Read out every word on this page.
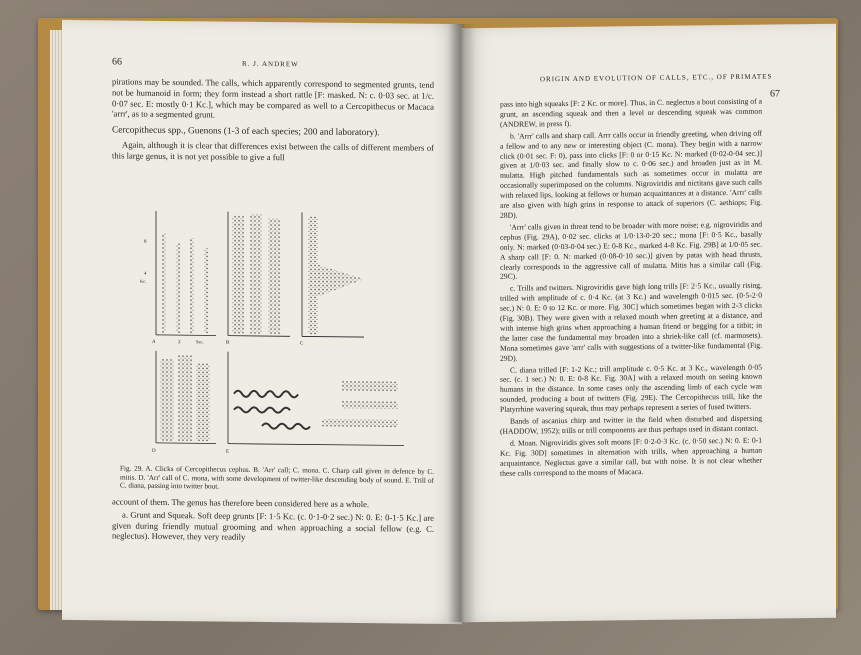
66	R. J. ANDREW

pirations may be sounded. The calls, which apparently correspond to segmented grunts, tend not be humanoid in form; they form instead a short rattle [F: masked. N: c. 0·03 sec. at 1/c. 0·07 sec. E: mostly 0·1 Kc.], which may be compared as well to a Cercopithecus or Macaca 'arrr', as to a segmented grunt.

Cercopithecus spp., Guenons (1-3 of each species; 200 and laboratory).

Again, although it is clear that differences exist between the calls of different members of this large genus, it is not yet possible to give a full

A
8
4
Kc.
2	Sec.	B	C
D	E
Fig. 29. A. Clicks of Cercopithecus cephus. B. 'Arr' call; C. mona. C. Charp call given in defence by C. mitis. D. 'Arr' call of C. mona, with some development of twitter-like descending body of sound. E. Trill of C. diana, passing into twitter bout.

account of them. The genus has therefore been considered here as a whole.

a. Grunt and Squeak. Soft deep grunts [F: 1·5 Kc. (c. 0·1-0·2 sec.) N: 0. E: 0-1·5 Kc.] are given during friendly mutual grooming and when approaching a social fellow (e.g. C. neglectus). However, they very readily

ORIGIN AND EVOLUTION OF CALLS, ETC., OF PRIMATES
67

pass into high squeaks [F: 2 Kc. or more]. Thus, in C. neglectus a bout consisting of a grunt, an ascending squeak and then a level or descending squeak was common (ANDREW, in press f).

b. 'Arrr' calls and sharp call. Arrr calls occur in friendly greeting, when driving off a fellow and to any new or interesting object (C. mona). They begin with a narrow click (0·01 sec. F: 0), pass into clicks [F: 0 or 0·15 Kc. N: marked (0·02-0·04 sec.)] given at 1/0·03 sec. and finally slow to c. 0·06 sec.) and broaden just as in M. mulatta. High pitched fundamentals such as sometimes occur in mulatta are occasionally superimposed on the columns. Nigroviridis and nictitans gave such calls with relaxed lips, looking at fellows or human acquaintances at a distance. 'Arrr' calls are also given with high grins in response to attack of superiors (C. aethiops; Fig. 28D).

'Arrr' calls given in threat tend to be broader with more noise; e.g. nigroviridis and cephus (Fig. 29A), 0·02 sec. clicks at 1/0·13-0·20 sec.; mona [F: 0·5 Kc., basally only. N: marked (0·03-0·04 sec.) E: 0-8 Kc., marked 4-8 Kc. Fig. 29B] at 1/0·05 sec. A sharp call [F: 0. N: marked (0·08-0·10 sec.)] given by patas with head thrusts, clearly corresponds to the aggressive call of mulatta. Mitis has a similar call (Fig. 29C).

c. Trills and twitters. Nigroviridis gave high long trills [F: 2·5 Kc., usually rising, trilled with amplitude of c. 0·4 Kc. (at 3 Kc.) and wavelength 0·015 sec. (0·5-2·0 sec.) N: 0. E: 0 to 12 Kc. or more. Fig. 30C] which sometimes began with 2-3 clicks (Fig. 30B). They were given with a relaxed mouth when greeting at a distance, and with intense high grins when approaching a human friend or begging for a titbit; in the latter case the fundamental may broaden into a shriek-like call (cf. marmosets). Mona sometimes gave 'arrr' calls with suggestions of a twitter-like fundamental (Fig. 29D).

C. diana trilled [F: 1-2 Kc.; trill amplitude c. 0·5 Kc. at 3 Kc., wavelength 0·05 sec. (c. 1 sec.) N: 0. E: 0-8 Kc. Fig. 30A] with a relaxed mouth on seeing known humans in the distance. In some cases only the ascending limb of each cycle was sounded, producing a bout of twitters (Fig. 29E). The Cercopithecus trill, like the Platyrrhine wavering squeak, thus may perhaps represent a series of fused twitters.

Bands of ascanius chirp and twitter in the field when disturbed and dispersing (HADDOW, 1952); trills or trill components are thus perhaps used in distant contact.

d. Moan. Nigroviridis gives soft moans [F: 0·2-0·3 Kc. (c. 0·50 sec.) N: 0. E: 0-1 Kc. Fig. 30D] sometimes in alternation with trills, when approaching a human acquaintance. Neglectus gave a similar call, but with noise. It is not clear whether these calls correspond to the moans of Macaca.
